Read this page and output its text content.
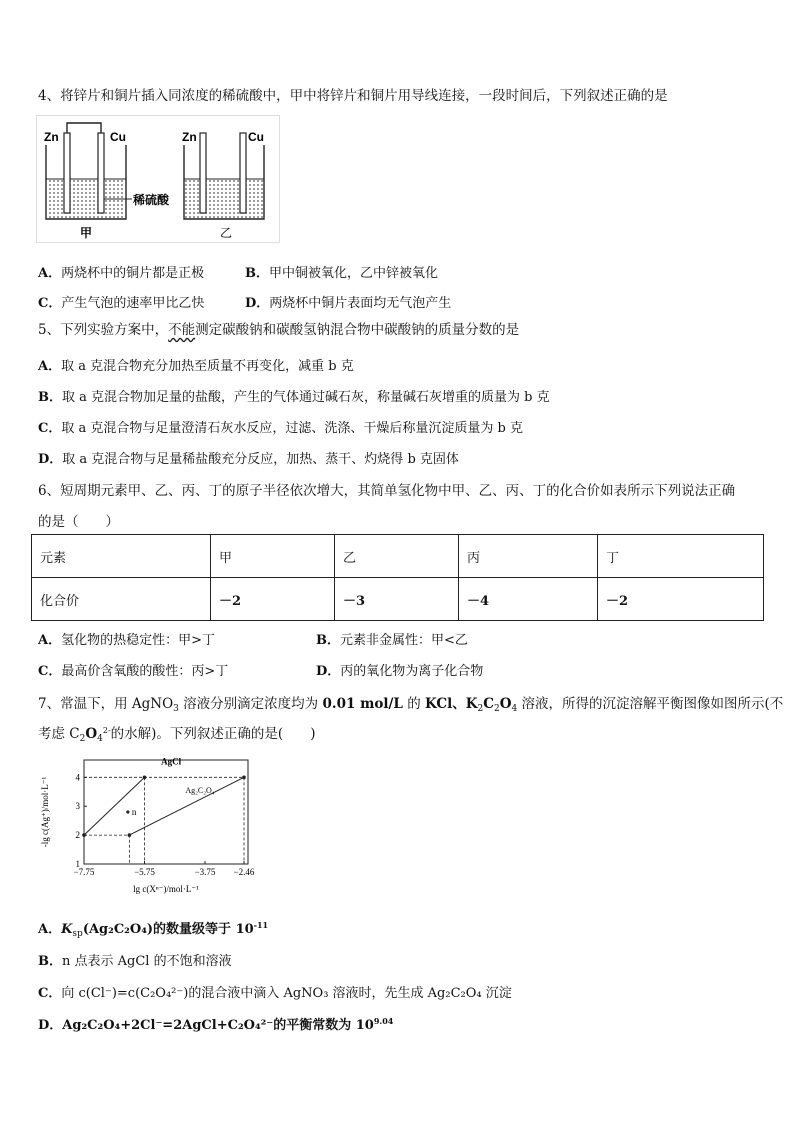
4、将锌片和铜片插入同浓度的稀硫酸中，甲中将锌片和铜片用导线连接，一段时间后，下列叙述正确的是
Zn	Cu	Zn	Cu
稀硫酸
甲	乙
A．两烧杯中的铜片都是正极	B．甲中铜被氧化，乙中锌被氧化
C．产生气泡的速率甲比乙快	D．两烧杯中铜片表面均无气泡产生
5、下列实验方案中，不能测定碳酸钠和碳酸氢钠混合物中碳酸钠的质量分数的是
A．取 a 克混合物充分加热至质量不再变化，减重 b 克
B．取 a 克混合物加足量的盐酸，产生的气体通过碱石灰，称量碱石灰增重的质量为 b 克
C．取 a 克混合物与足量澄清石灰水反应，过滤、洗涤、干燥后称量沉淀质量为 b 克
D．取 a 克混合物与足量稀盐酸充分反应，加热、蒸干、灼烧得 b 克固体
6、短周期元素甲、乙、丙、丁的原子半径依次增大，其简单氢化物中甲、乙、丙、丁的化合价如表所示下列说法正确
的是（　　）
元素	甲	乙	丙	丁
化合价	－2	－3	－4	－2
A．氢化物的热稳定性：甲>丁	B．元素非金属性：甲<乙
C．最高价含氧酸的酸性：丙>丁	D．丙的氧化物为离子化合物
7、常温下，用 AgNO$_3$ 溶液分别滴定浓度均为 0.01 mol/L 的 KCl、$K_2C_2O_4$ 溶液，所得的沉淀溶解平衡图像如图所示(不
考虑 $C_2O_4^{2-}$的水解)。下列叙述正确的是(　　)
−7.75	−5.75	−3.75 −2.46
1
2
3
4
AgCl
Ag₂C₂O₄
n
lg c(Xⁿ⁻)/mol·L⁻¹
-lg c(Ag⁺)/mol·L⁻¹
A．$K_{sp}(Ag_2C_2O_4)$的数量级等于 $10^{-11}$
B．n 点表示 AgCl 的不饱和溶液
C．向 c(Cl⁻)=c(C₂O₄²⁻)的混合液中滴入 AgNO₃ 溶液时，先生成 Ag₂C₂O₄ 沉淀
D．Ag₂C₂O₄+2Cl⁻=2AgCl+C₂O₄²⁻的平衡常数为 $10^{9.04}$
